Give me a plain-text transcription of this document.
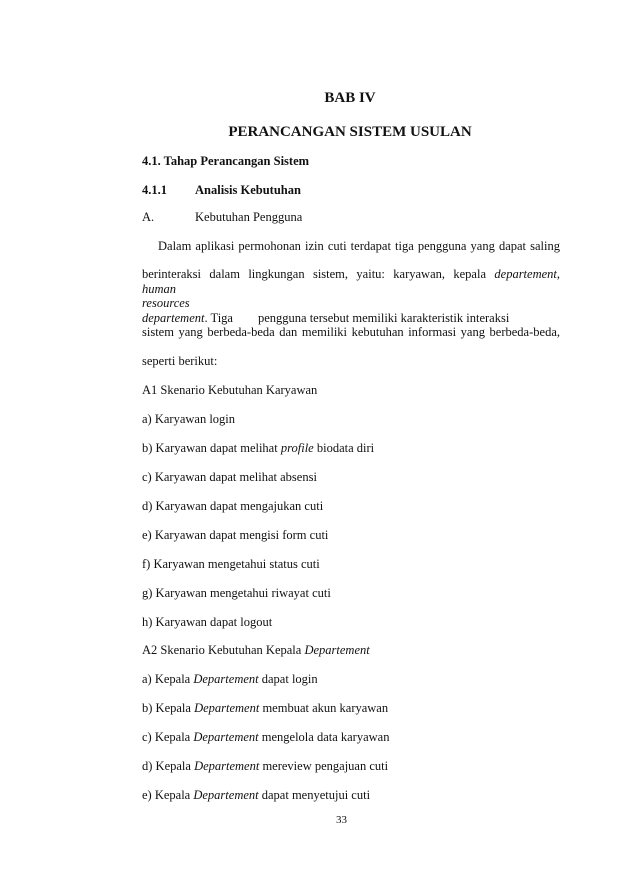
BAB IV
PERANCANGAN SISTEM USULAN
4.1. Tahap Perancangan Sistem
4.1.1 Analisis Kebutuhan
A.	Kebutuhan Pengguna
Dalam aplikasi permohonan izin cuti terdapat tiga pengguna yang dapat saling
berinteraksi dalam lingkungan sistem, yaitu: karyawan, kepala departement, human
resources departement. Tiga        pengguna tersebut memiliki karakteristik interaksi
sistem yang berbeda-beda dan memiliki kebutuhan informasi yang berbeda-beda,
seperti berikut:
A1 Skenario Kebutuhan Karyawan
a) Karyawan login
b) Karyawan dapat melihat profile biodata diri
c) Karyawan dapat melihat absensi
d) Karyawan dapat mengajukan cuti
e) Karyawan dapat mengisi form cuti
f) Karyawan mengetahui status cuti
g) Karyawan mengetahui riwayat cuti
h) Karyawan dapat logout
A2 Skenario Kebutuhan Kepala Departement
a) Kepala Departement dapat login
b) Kepala Departement membuat akun karyawan
c) Kepala Departement mengelola data karyawan
d) Kepala Departement mereview pengajuan cuti
e) Kepala Departement dapat menyetujui cuti
33
